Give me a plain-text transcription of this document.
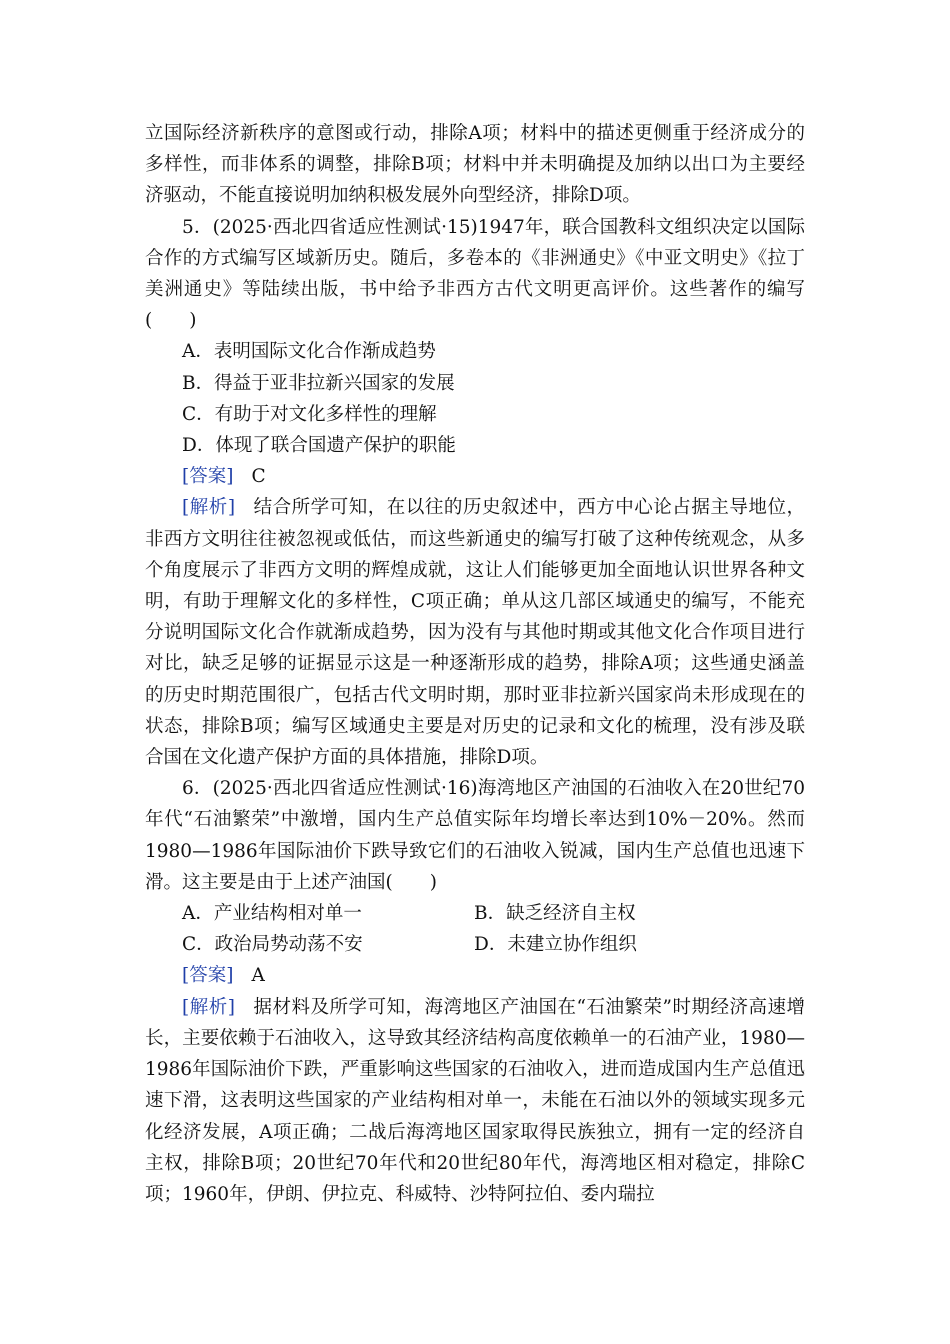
立国际经济新秩序的意图或行动，排除A项；材料中的描述更侧重于经济成分的多样性，而非体系的调整，排除B项；材料中并未明确提及加纳以出口为主要经济驱动，不能直接说明加纳积极发展外向型经济，排除D项。

5．(2025·西北四省适应性测试·15)1947年，联合国教科文组织决定以国际合作的方式编写区域新历史。随后，多卷本的《非洲通史》《中亚文明史》《拉丁美洲通史》等陆续出版，书中给予非西方古代文明更高评价。这些著作的编写(　　)

A．表明国际文化合作渐成趋势

B．得益于亚非拉新兴国家的发展

C．有助于对文化多样性的理解

D．体现了联合国遗产保护的职能

[答案] C

[解析] 结合所学可知，在以往的历史叙述中，西方中心论占据主导地位，非西方文明往往被忽视或低估，而这些新通史的编写打破了这种传统观念，从多个角度展示了非西方文明的辉煌成就，这让人们能够更加全面地认识世界各种文明，有助于理解文化的多样性，C项正确；单从这几部区域通史的编写，不能充分说明国际文化合作就渐成趋势，因为没有与其他时期或其他文化合作项目进行对比，缺乏足够的证据显示这是一种逐渐形成的趋势，排除A项；这些通史涵盖的历史时期范围很广，包括古代文明时期，那时亚非拉新兴国家尚未形成现在的状态，排除B项；编写区域通史主要是对历史的记录和文化的梳理，没有涉及联合国在文化遗产保护方面的具体措施，排除D项。

6．(2025·西北四省适应性测试·16)海湾地区产油国的石油收入在20世纪70年代“石油繁荣”中激增，国内生产总值实际年均增长率达到10%－20%。然而1980—1986年国际油价下跌导致它们的石油收入锐减，国内生产总值也迅速下滑。这主要是由于上述产油国(　　)

A．产业结构相对单一	B．缺乏经济自主权
C．政治局势动荡不安	D．未建立协作组织

[答案] A

[解析] 据材料及所学可知，海湾地区产油国在“石油繁荣”时期经济高速增长，主要依赖于石油收入，这导致其经济结构高度依赖单一的石油产业，1980—1986年国际油价下跌，严重影响这些国家的石油收入，进而造成国内生产总值迅速下滑，这表明这些国家的产业结构相对单一，未能在石油以外的领域实现多元化经济发展，A项正确；二战后海湾地区国家取得民族独立，拥有一定的经济自主权，排除B项；20世纪70年代和20世纪80年代，海湾地区相对稳定，排除C项；1960年，伊朗、伊拉克、科威特、沙特阿拉伯、委内瑞拉
